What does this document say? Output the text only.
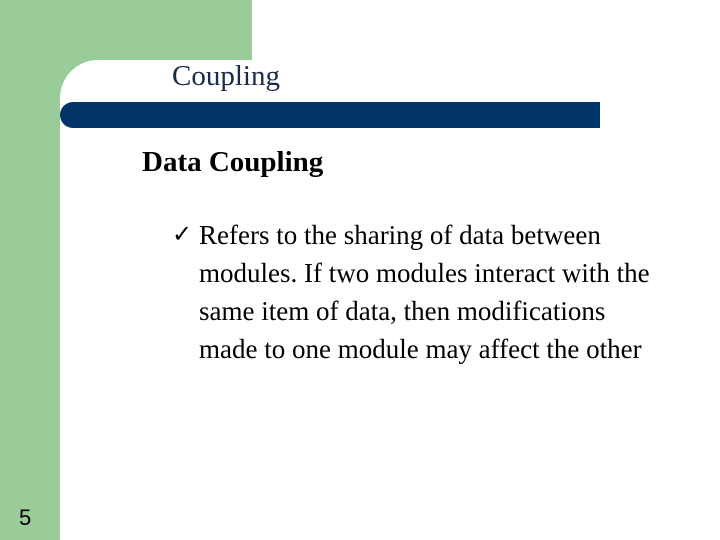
Coupling
Data Coupling
✓ Refers to the sharing of data between modules. If two modules interact with the same item of data, then modifications made to one module may affect the other
5
